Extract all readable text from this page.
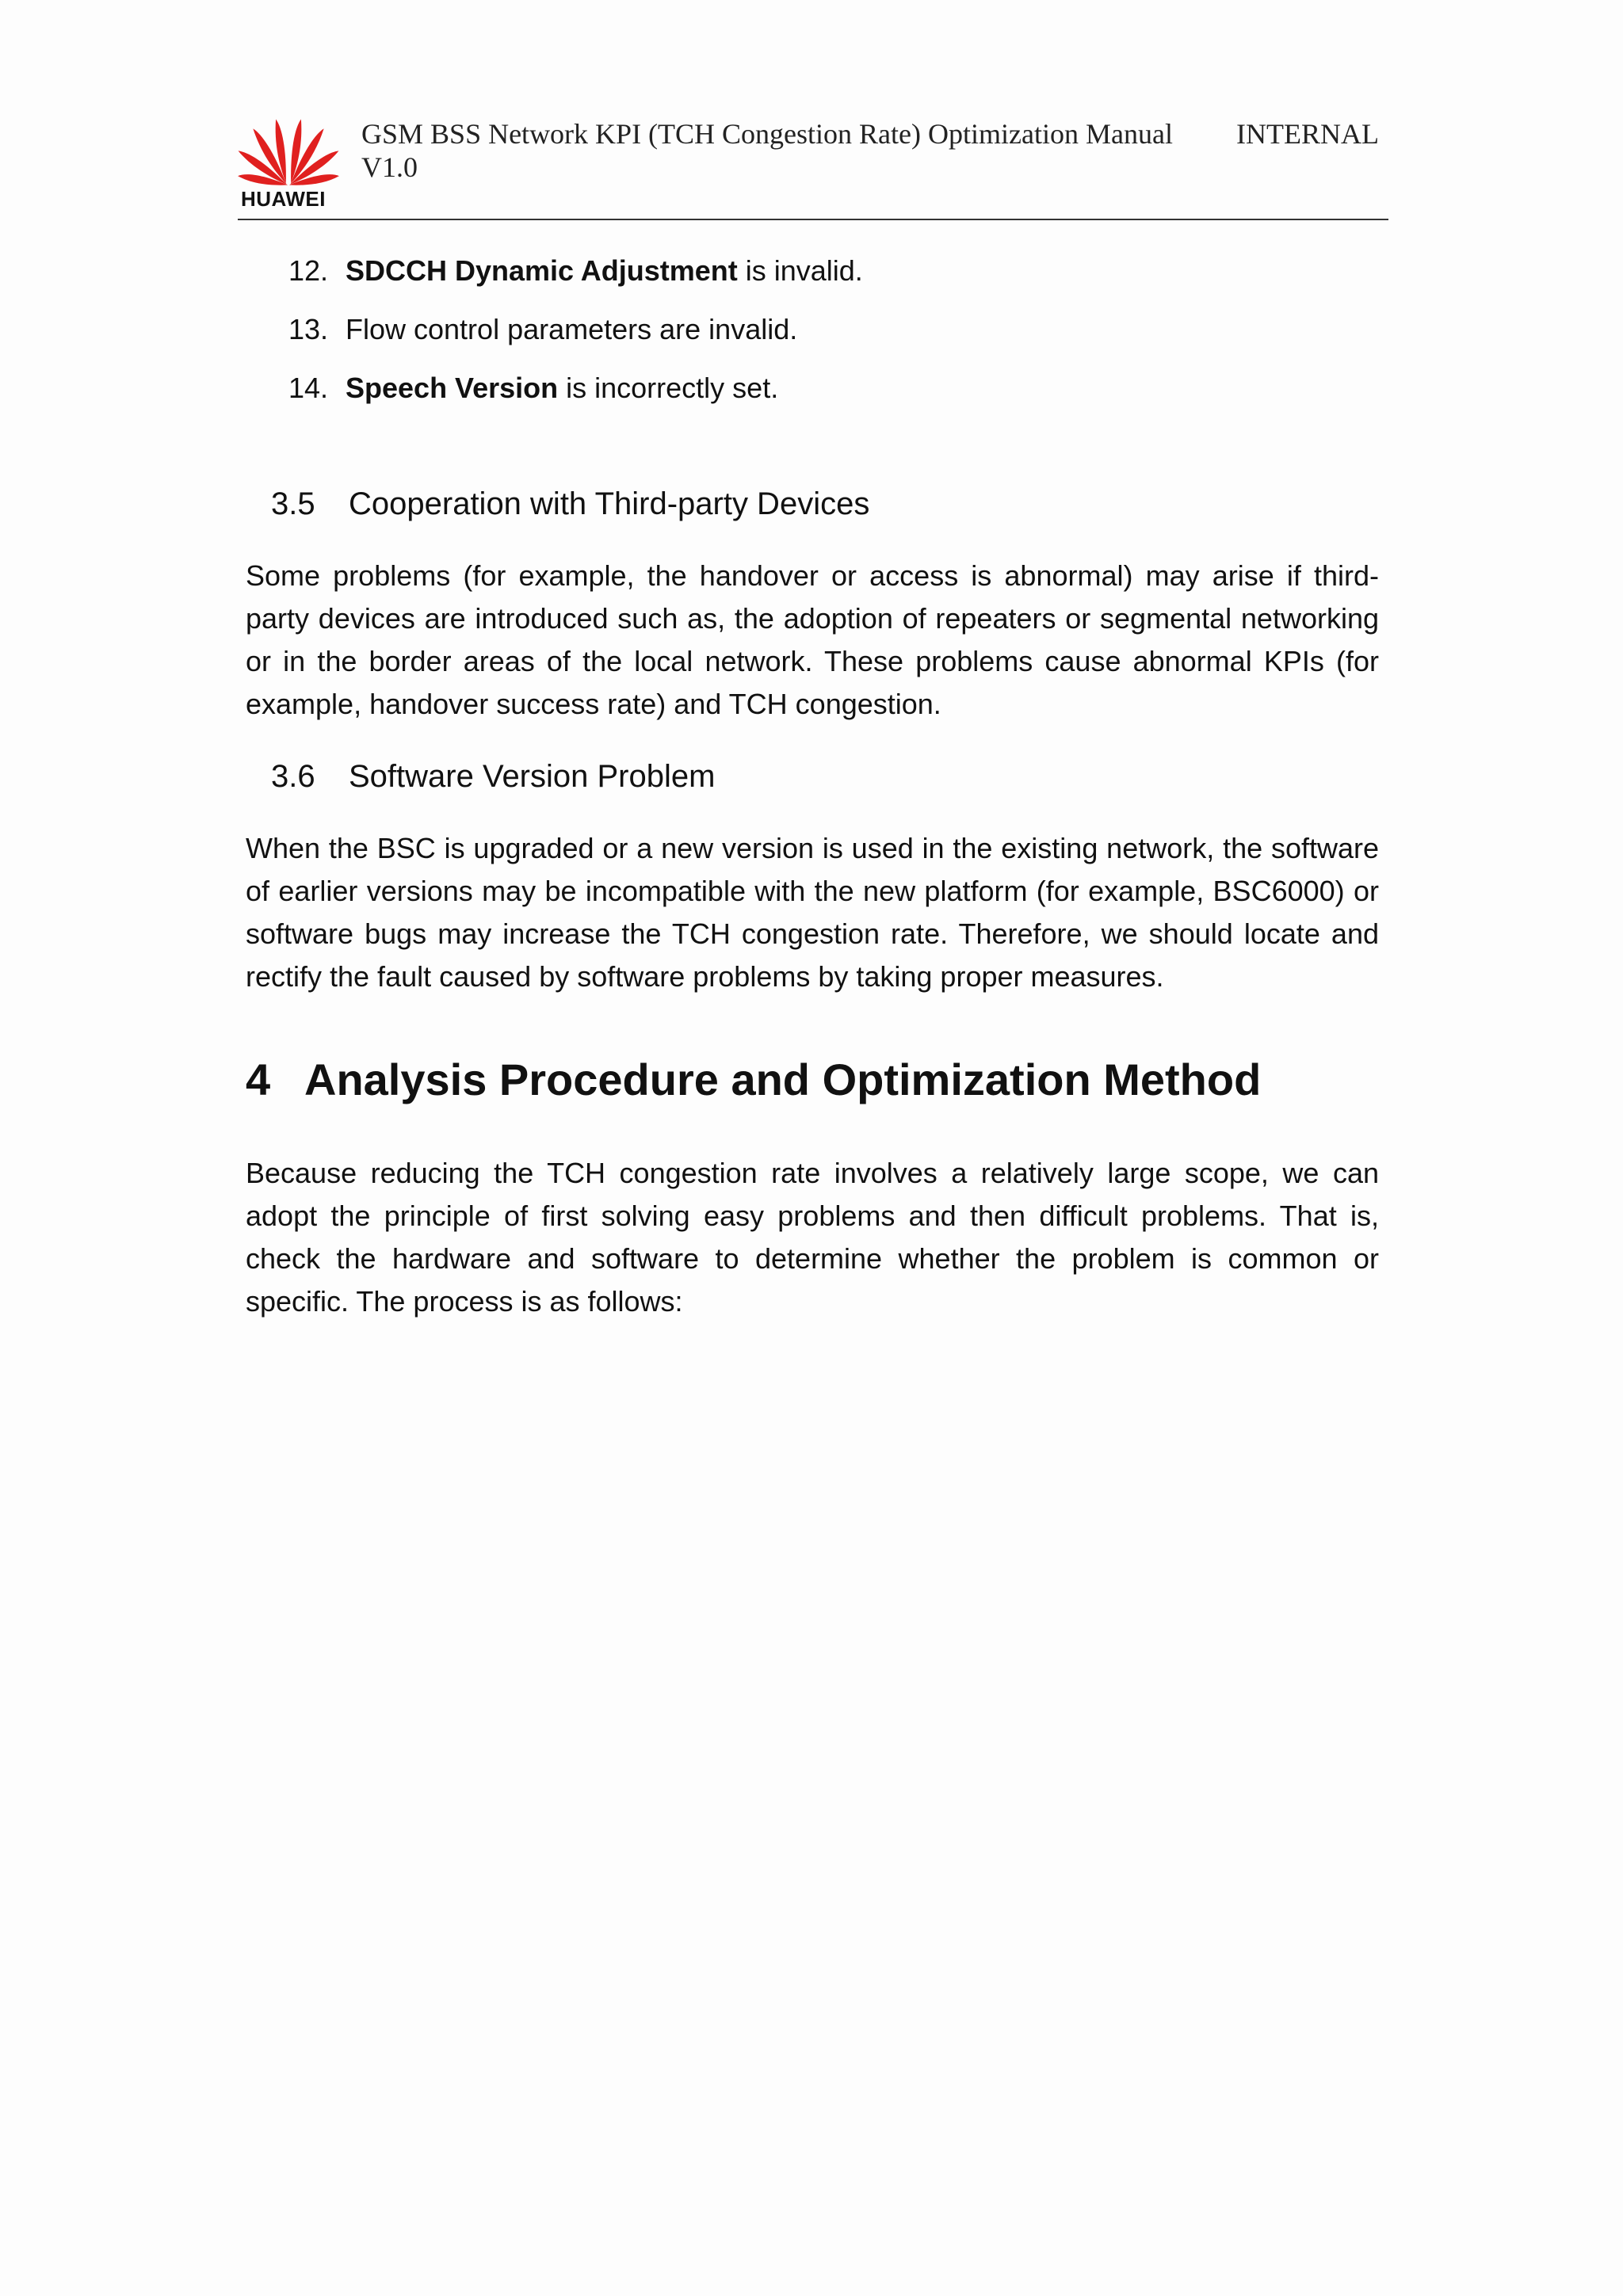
HUAWEI
GSM BSS Network KPI (TCH Congestion Rate) Optimization Manual V1.0
INTERNAL
12. SDCCH Dynamic Adjustment is invalid.
13. Flow control parameters are invalid.
14. Speech Version is incorrectly set.
3.5 Cooperation with Third-party Devices

Some problems (for example, the handover or access is abnormal) may arise if third-party devices are introduced such as, the adoption of repeaters or segmental networking or in the border areas of the local network. These problems cause abnormal KPIs (for example, handover success rate) and TCH congestion.

3.6 Software Version Problem

When the BSC is upgraded or a new version is used in the existing network, the software of earlier versions may be incompatible with the new platform (for example, BSC6000) or software bugs may increase the TCH congestion rate. Therefore, we should locate and rectify the fault caused by software problems by taking proper measures.

4 Analysis Procedure and Optimization Method

Because reducing the TCH congestion rate involves a relatively large scope, we can adopt the principle of first solving easy problems and then difficult problems. That is, check the hardware and software to determine whether the problem is common or specific. The process is as follows:
